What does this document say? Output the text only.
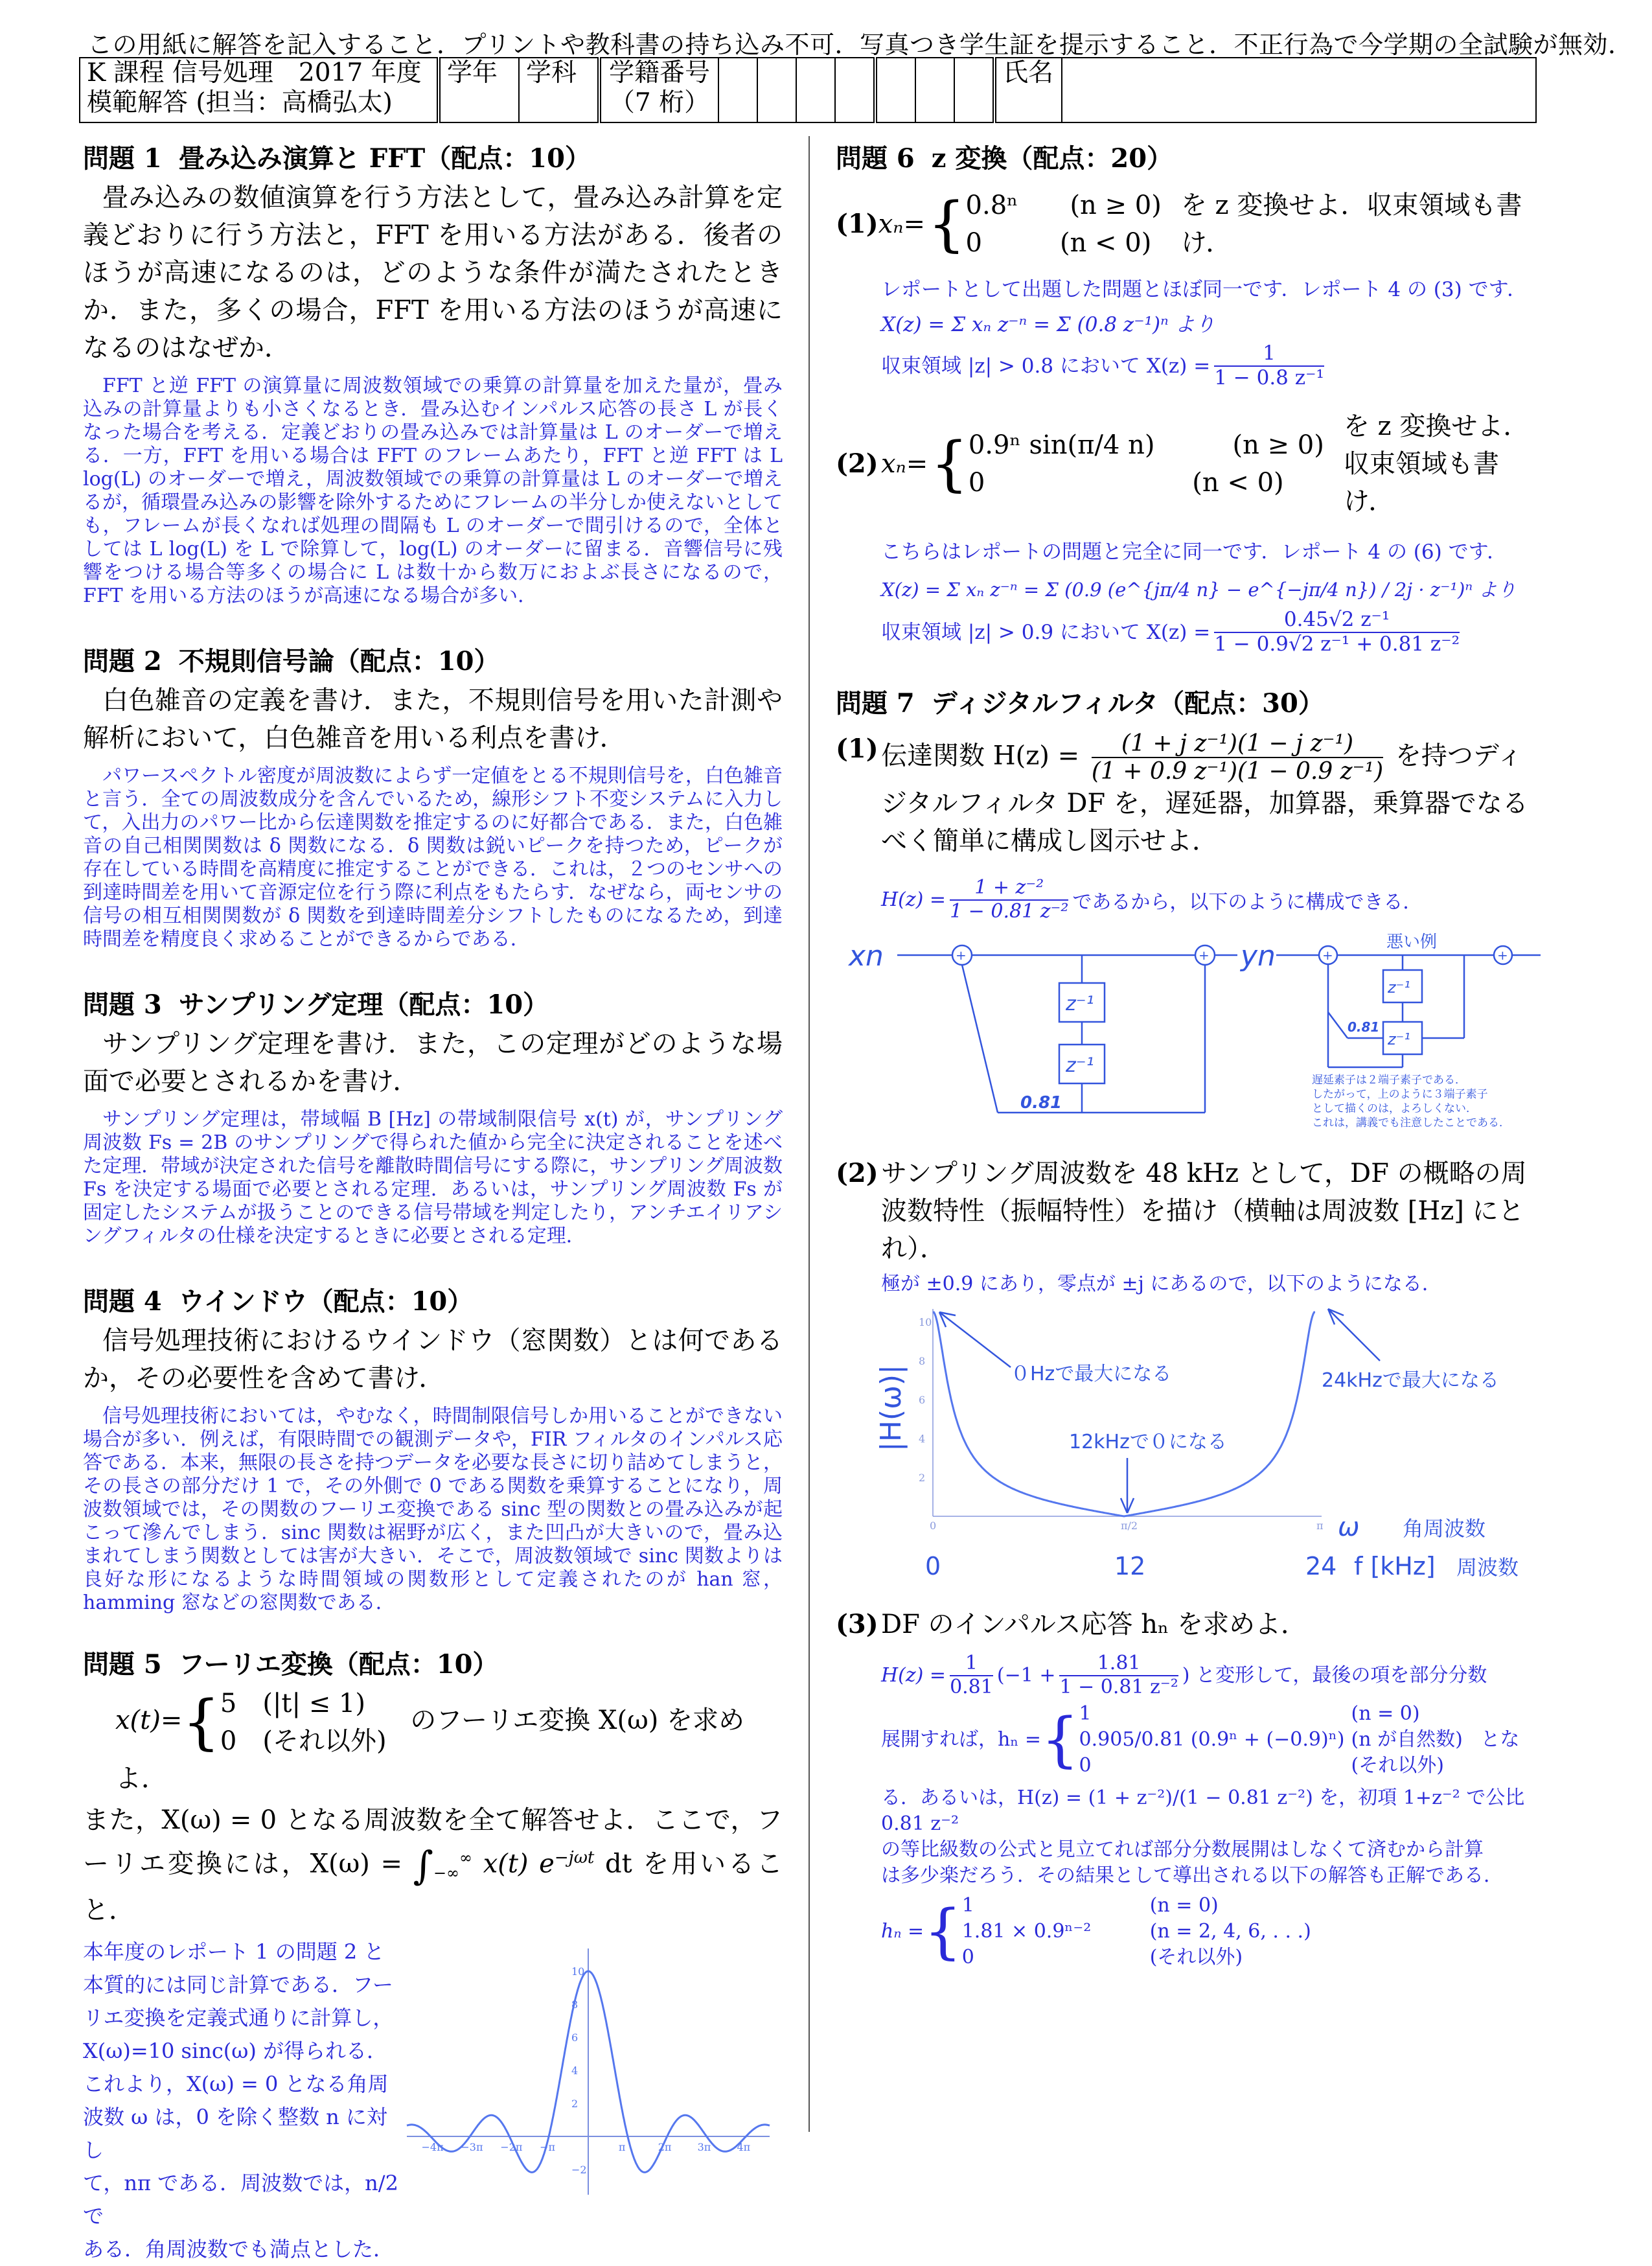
この用紙に解答を記入すること．プリントや教科書の持ち込み不可．写真つき学生証を提示すること．不正行為で今学期の全試験が無効．
K 課程 信号処理　2017 年度
模範解答 (担当：高橋弘太)
	学年	学科	学籍番号
（7 桁）
								氏名	
問題 1 畳み込み演算と FFT（配点：10）

畳み込みの数値演算を行う方法として，畳み込み計算を定義どおりに行う方法と，FFT を用いる方法がある．後者のほうが高速になるのは，どのような条件が満たされたときか．また，多くの場合，FFT を用いる方法のほうが高速になるのはなぜか．

FFT と逆 FFT の演算量に周波数領域での乗算の計算量を加えた量が，畳み込みの計算量よりも小さくなるとき．畳み込むインパルス応答の長さ L が長くなった場合を考える．定義どおりの畳み込みでは計算量は L のオーダーで増える．一方，FFT を用いる場合は FFT のフレームあたり，FFT と逆 FFT は L log(L) のオーダーで増え，周波数領域での乗算の計算量は L のオーダーで増えるが，循環畳み込みの影響を除外するためにフレームの半分しか使えないとしても，フレームが長くなれば処理の間隔も L のオーダーで間引けるので，全体としては L log(L) を L で除算して，log(L) のオーダーに留まる．音響信号に残響をつける場合等多くの場合に L は数十から数万におよぶ長さになるので，FFT を用いる方法のほうが高速になる場合が多い．

問題 2 不規則信号論（配点：10）

白色雑音の定義を書け．また，不規則信号を用いた計測や解析において，白色雑音を用いる利点を書け．

パワースペクトル密度が周波数によらず一定値をとる不規則信号を，白色雑音と言う．全ての周波数成分を含んでいるため，線形シフト不変システムに入力して，入出力のパワー比から伝達関数を推定するのに好都合である．また，白色雑音の自己相関関数は δ 関数になる．δ 関数は鋭いピークを持つため，ピークが存在している時間を高精度に推定することができる．これは，２つのセンサへの到達時間差を用いて音源定位を行う際に利点をもたらす．なぜなら，両センサの信号の相互相関関数が δ 関数を到達時間差分シフトしたものになるため，到達時間差を精度良く求めることができるからである．

問題 3 サンプリング定理（配点：10）

サンプリング定理を書け．また，この定理がどのような場面で必要とされるかを書け．

サンプリング定理は，帯域幅 B [Hz] の帯域制限信号 x(t) が，サンプリング周波数 Fs = 2B のサンプリングで得られた値から完全に決定されることを述べた定理．帯域が決定された信号を離散時間信号にする際に，サンプリング周波数 Fs を決定する場面で必要とされる定理．あるいは，サンプリング周波数 Fs が固定したシステムが扱うことのできる信号帯域を判定したり，アンチエイリアシングフィルタの仕様を決定するときに必要とされる定理．

問題 4 ウインドウ（配点：10）

信号処理技術におけるウインドウ（窓関数）とは何であるか，その必要性を含めて書け．

信号処理技術においては，やむなく，時間制限信号しか用いることができない場合が多い．例えば，有限時間での観測データや，FIR フィルタのインパルス応答である．本来，無限の長さを持つデータを必要な長さに切り詰めてしまうと，その長さの部分だけ 1 で，その外側で 0 である関数を乗算することになり，周波数領域では，その関数のフーリエ変換である sinc 型の関数との畳み込みが起こって滲んでしまう．sinc 関数は裾野が広く，また凹凸が大きいので，畳み込まれてしまう関数としては害が大きい．そこで，周波数領域で sinc 関数よりは良好な形になるような時間領域の関数形として定義されたのが han 窓，hamming 窓などの窓関数である．

問題 5 フーリエ変換（配点：10）
x(t)={ 5　(|t| ≤ 1)
0　(それ以外)
のフーリエ変換 X(ω) を求めよ．

また，X(ω) = 0 となる周波数を全て解答せよ．ここで，フーリエ変換には，$X(\omega) = \int_{-\infty}^\infty$ x(t) $e^{-j\omega t}$ dt を用いること．

本年度のレポート 1 の問題 2 と
本質的には同じ計算である．フー
リエ変換を定義式通りに計算し，
X(ω)=10 sinc(ω) が得られる．
これより，X(ω) = 0 となる角周
波数 ω は，0 を除く整数 n に対し
て，nπ である．周波数では，n/2 で
ある．角周波数でも満点とした．
−4π −3π −2π −π	π	2π	3π	4π
10
8
6
4
2
−2
問題 6 z 変換（配点：20）
(1) xₙ= { 0.8ⁿ　　(n ≥ 0)
0　　　(n < 0)
を z 変換せよ．収束領域も書け．
レポートとして出題した問題とほぼ同一です．レポート 4 の (3) です．
X(z) = Σ xₙ z⁻ⁿ = Σ (0.8 z⁻¹)ⁿ より
収束領域 |z| > 0.8 において $X(z) = \frac{1}{\text{1 − 0.8 z⁻¹}}$
(2) xₙ= { 0.9ⁿ sin(π/4 n)　　　(n ≥ 0)
0　　　　　　　　(n < 0)
を z 変換せよ．収束領域も書け．
こちらはレポートの問題と完全に同一です．レポート 4 の (6) です．
X(z) = Σ xₙ z⁻ⁿ = Σ (0.9 (e^{jπ/4 n} − e^{−jπ/4 n}) / 2j · z⁻¹)ⁿ より
収束領域 |z| > 0.9 において $X(z) = \frac{\text{0.45√2 z⁻¹}}{\text{1 − 0.9√2 z⁻¹ + 0.81 z⁻²}}$
問題 7 ディジタルフィルタ（配点：30）
(1) 伝達関数 $H(z) = \frac{\text{(1 + j z⁻¹)(1 − j z⁻¹)}}{\text{(1 + 0.9 z⁻¹)(1 − 0.9 z⁻¹)}}$ を持つディジタルフィルタ DF を，遅延器，加算器，乗算器でなるべく簡単に構成し図示せよ．
$H(z) = \frac{\text{1 + z⁻²}}{\text{1 − 0.81 z⁻²}}$ であるから，以下のように構成できる．
xn	yn
z⁻¹
z⁻¹
0.81
悪い例
z⁻¹
z⁻¹
0.81
遅延素子は２端子素子である．
したがって，上のように３端子素子
として描くのは，よろしくない．
これは，講義でも注意したことである．
+	+	+	+
(2) サンプリング周波数を 48 kHz として，DF の概略の周波数特性（振幅特性）を描け（横軸は周波数 [Hz] にとれ）．
極が ±0.9 にあり，零点が ±j にあるので，以下のようになる．
10
8
6
4
2
|H(ω)|	０Hzで最大になる	24kHzで最大になる
12kHzで０になる
0	π/2	π ω 角周波数
0	12	24 f [kHz] 周波数
(3) DF のインパルス応答 hₙ を求めよ．
$H(z) = \frac{1}{0.81} (-1 + \frac{1.81}{\text{1 − 0.81 z⁻²}}$ ) と変形して，最後の項を部分分数
展開すれば，hₙ = { 1
0.905/0.81 (0.9ⁿ + (−0.9)ⁿ)
0
(n = 0)
(n が自然数)
(それ以外)
とな
る．あるいは，H(z) = (1 + z⁻²)/(1 − 0.81 z⁻²) を，初項 1+z⁻² で公比 0.81 z⁻²
の等比級数の公式と見立てれば部分分数展開はしなくて済むから計算
は多少楽だろう．その結果として導出される以下の解答も正解である．
hₙ = { 1
1.81 × 0.9ⁿ⁻²
0
(n = 0)
(n = 2, 4, 6, . . .)
(それ以外)
